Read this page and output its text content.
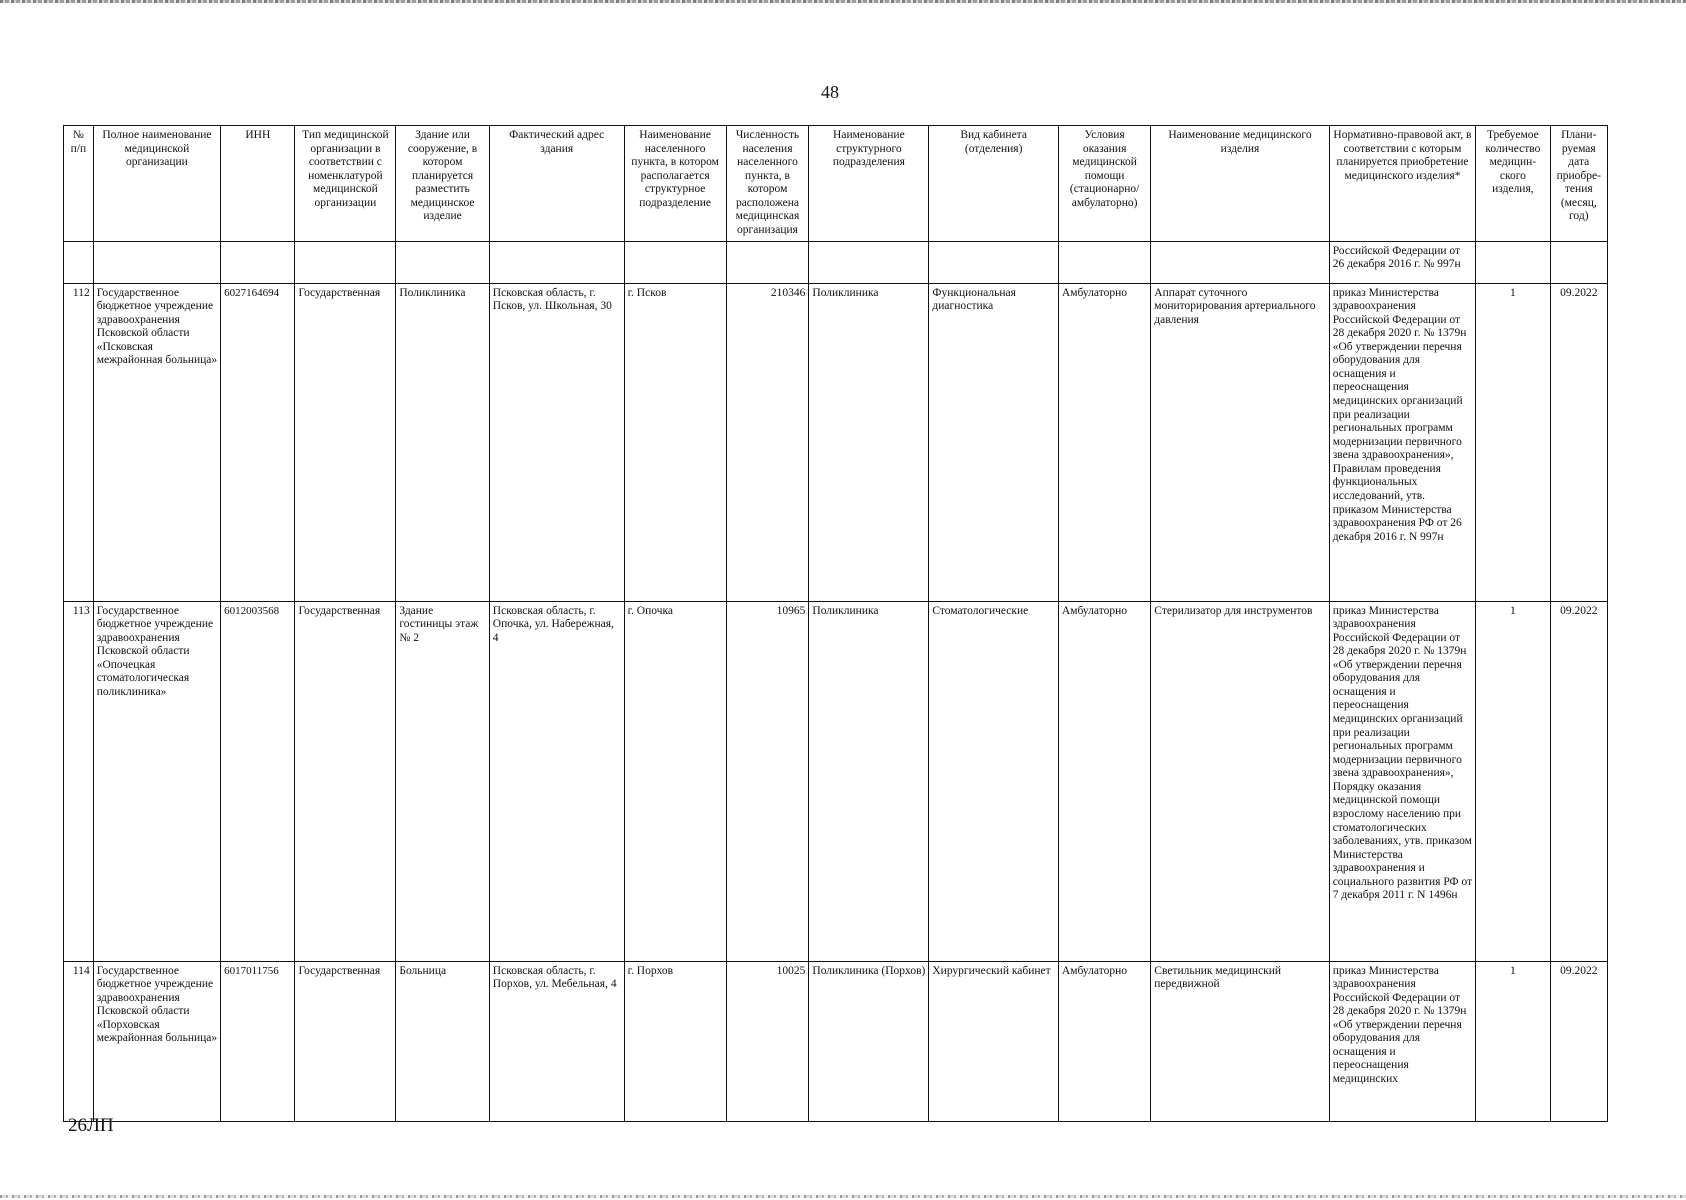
48
№ п/п	Полное наименование медицинской организации	ИНН	Тип медицинской организации в соответствии с номенклатурой медицинской организации	Здание или сооружение, в котором планируется разместить медицинское изделие	Фактический адрес здания	Наименование населенного пункта, в котором располагается структурное подразделение	Численность населения населенного пункта, в котором расположена медицинская организация	Наименование структурного подразделения	Вид кабинета (отделения)	Условия оказания медицинской помощи (стационарно/ амбулаторно)	Наименование медицинского изделия	Нормативно-правовой акт, в соответствии с которым планируется приобретение медицинского изделия*	Требуемое количество медицин-ского изделия,	Плани-руемая дата приобре-тения (месяц, год)
												Российской Федерации от 26 декабря 2016 г. № 997н		
112	Государственное бюджетное учреждение здравоохранения Псковской области «Псковская межрайонная больница»	6027164694	Государственная	Поликлиника	Псковская область, г. Псков, ул. Школьная, 30	г. Псков	210346	Поликлиника	Функциональная диагностика	Амбулаторно	Аппарат суточного мониторирования артериального давления	приказ Министерства здравоохранения Российской Федерации от 28 декабря 2020 г. № 1379н «Об утверждении перечня оборудования для оснащения и переоснащения медицинских организаций при реализации региональных программ модернизации первичного звена здравоохранения», Правилам проведения функциональных исследований, утв. приказом Министерства здравоохранения РФ от 26 декабря 2016 г. N 997н	1	09.2022
113	Государственное бюджетное учреждение здравоохранения Псковской области «Опочецкая стоматологическая поликлиника»	6012003568	Государственная	Здание гостиницы этаж № 2	Псковская область, г. Опочка, ул. Набережная, 4	г. Опочка	10965	Поликлиника	Стоматологические	Амбулаторно	Стерилизатор для инструментов	приказ Министерства здравоохранения Российской Федерации от 28 декабря 2020 г. № 1379н «Об утверждении перечня оборудования для оснащения и переоснащения медицинских организаций при реализации региональных программ модернизации первичного звена здравоохранения», Порядку оказания медицинской помощи взрослому населению при стоматологических заболеваниях, утв. приказом Министерства здравоохранения и социального развития РФ от 7 декабря 2011 г. N 1496н	1	09.2022
114	Государственное бюджетное учреждение здравоохранения Псковской области «Порховская межрайонная больница»	6017011756	Государственная	Больница	Псковская область, г. Порхов, ул. Мебельная, 4	г. Порхов	10025	Поликлиника (Порхов)	Хирургический кабинет	Амбулаторно	Светильник медицинский передвижной	приказ Министерства здравоохранения Российской Федерации от 28 декабря 2020 г. № 1379н «Об утверждении перечня оборудования для оснащения и переоснащения медицинских	1	09.2022
26ЛП
